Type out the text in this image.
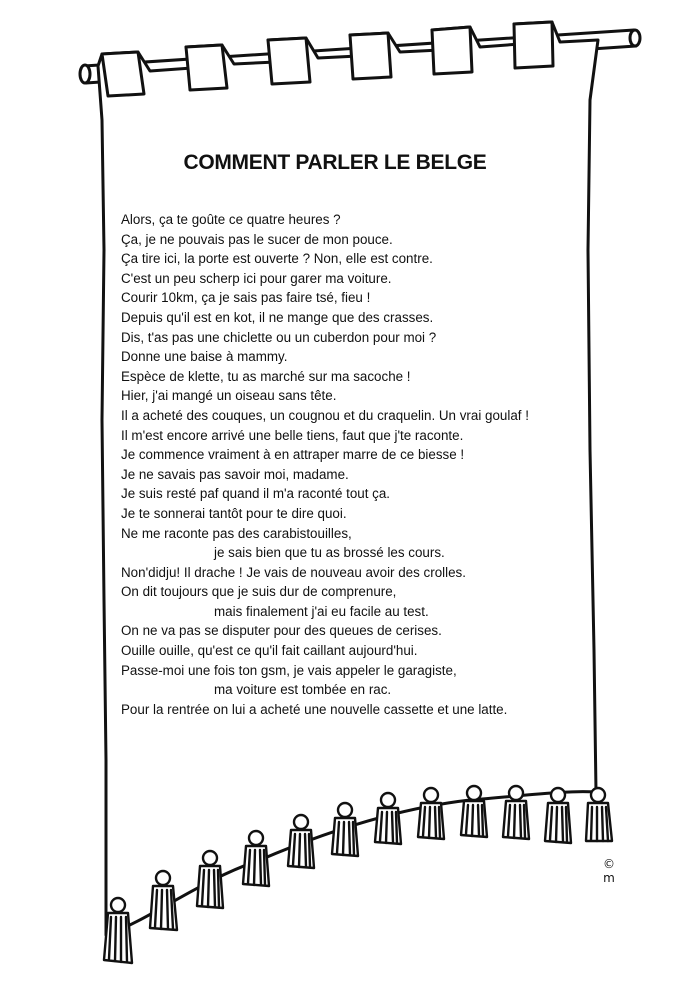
COMMENT PARLER LE BELGE
Alors, ça te goûte ce quatre heures ?
Ça, je ne pouvais pas le sucer de mon pouce.
Ça tire ici, la porte est ouverte ? Non, elle est contre.
C'est un peu scherp ici pour garer ma voiture.
Courir 10km, ça je sais pas faire tsé, fieu !
Depuis qu'il est en kot, il ne mange que des crasses.
Dis, t'as pas une chiclette ou un cuberdon pour moi ?
Donne une baise à mammy.
Espèce de klette, tu as marché sur ma sacoche !
Hier, j'ai mangé un oiseau sans tête.
Il a acheté des couques, un cougnou et du craquelin. Un vrai goulaf !
Il m'est encore arrivé une belle tiens, faut que j'te raconte.
Je commence vraiment à en attraper marre de ce biesse !
Je ne savais pas savoir moi, madame.
Je suis resté paf quand il m'a raconté tout ça.
Je te sonnerai tantôt pour te dire quoi.
Ne me raconte pas des carabistouilles,
je sais bien que tu as brossé les cours.
Non'didju! Il drache ! Je vais de nouveau avoir des crolles.
On dit toujours que je suis dur de comprenure,
mais finalement j'ai eu facile au test.
On ne va pas se disputer pour des queues de cerises.
Ouille ouille, qu'est ce qu'il fait caillant aujourd'hui.
Passe-moi une fois ton gsm, je vais appeler le garagiste,
ma voiture est tombée en rac.
Pour la rentrée on lui a acheté une nouvelle cassette et une latte.
©
m
